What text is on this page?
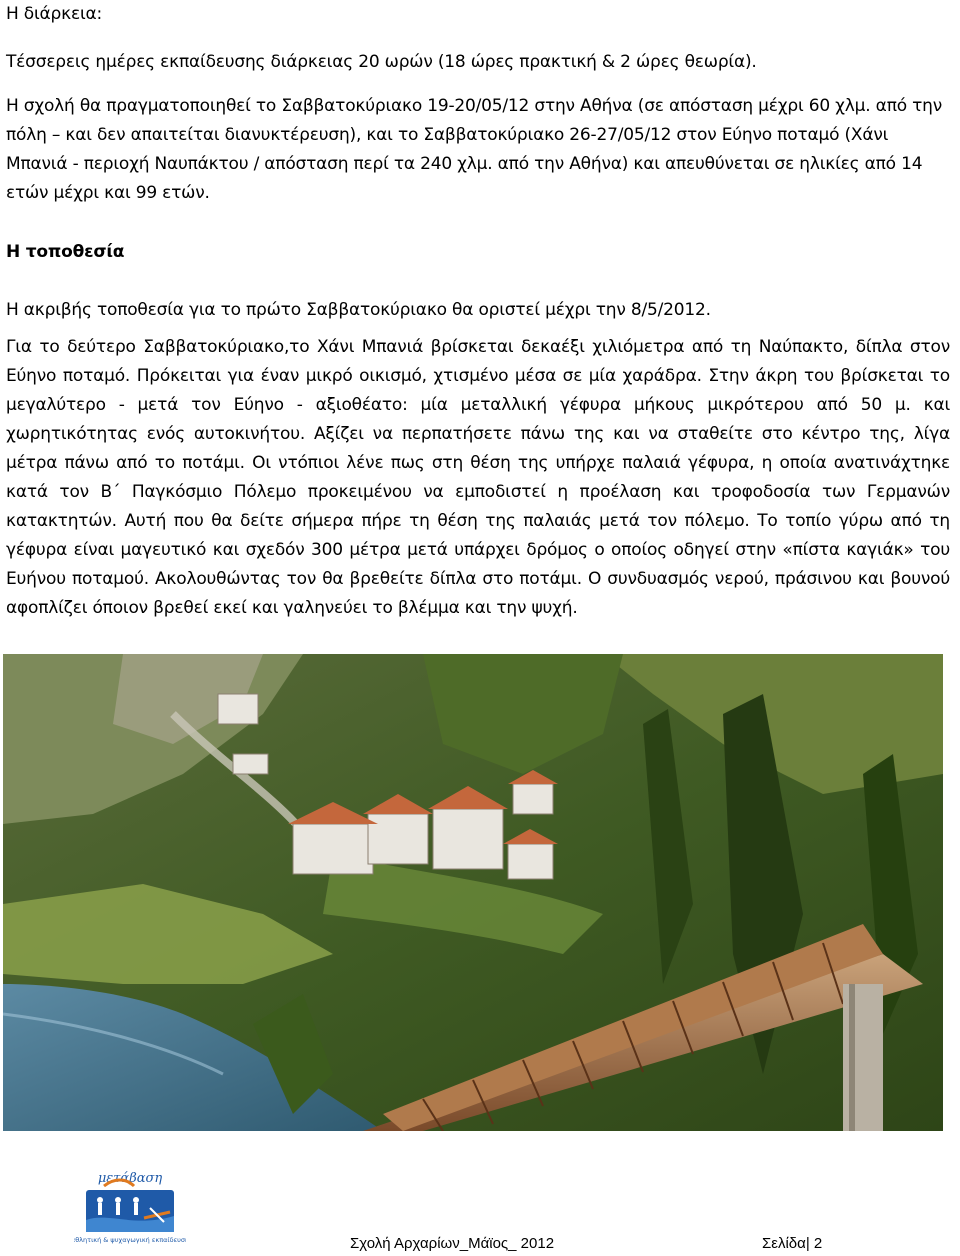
Η διάρκεια:
Τέσσερεις ημέρες εκπαίδευσης διάρκειας 20 ωρών (18 ώρες πρακτική & 2 ώρες θεωρία).
Η σχολή θα πραγματοποιηθεί το Σαββατοκύριακο 19-20/05/12 στην Αθήνα (σε απόσταση μέχρι 60 χλμ. από την πόλη – και δεν απαιτείται διανυκτέρευση), και το Σαββατοκύριακο 26-27/05/12 στον Εύηνο ποταμό (Χάνι Μπανιά - περιοχή Ναυπάκτου / απόσταση περί τα 240 χλμ. από την Αθήνα) και απευθύνεται σε ηλικίες από 14 ετών μέχρι και 99 ετών.
Η τοποθεσία
Η ακριβής τοποθεσία για το πρώτο Σαββατοκύριακο θα οριστεί μέχρι την 8/5/2012.
Για το δεύτερο Σαββατοκύριακο,το Χάνι Μπανιά βρίσκεται δεκαέξι χιλιόμετρα από τη Ναύπακτο, δίπλα στον Εύηνο ποταμό. Πρόκειται για έναν μικρό οικισμό, χτισμένο μέσα σε μία χαράδρα. Στην άκρη του βρίσκεται το μεγαλύτερο - μετά τον Εύηνο - αξιοθέατο: μία μεταλλική γέφυρα μήκους μικρότερου από 50 μ. και χωρητικότητας ενός αυτοκινήτου. Αξίζει να περπατήσετε πάνω της και να σταθείτε στο κέντρο της, λίγα μέτρα πάνω από το ποτάμι. Οι ντόπιοι λένε πως στη θέση της υπήρχε παλαιά γέφυρα, η οποία ανατινάχτηκε κατά τον Β΄ Παγκόσμιο Πόλεμο προκειμένου να εμποδιστεί η προέλαση και τροφοδοσία των Γερμανών κατακτητών. Αυτή που θα δείτε σήμερα πήρε τη θέση της παλαιάς μετά τον πόλεμο. Το τοπίο γύρω από τη γέφυρα είναι μαγευτικό και σχεδόν 300 μέτρα μετά υπάρχει δρόμος ο οποίος οδηγεί στην «πίστα καγιάκ» του Ευήνου ποταμού. Ακολουθώντας τον θα βρεθείτε δίπλα στο ποτάμι. Ο συνδυασμός νερού, πράσινου και βουνού αφοπλίζει όποιον βρεθεί εκεί και γαληνεύει το βλέμμα και την ψυχή.
μετάβαση
αθλητική & ψυχαγωγική εκπαίδευση	Σχολή Αρχαρίων_Μάϊος_ 2012	Σελίδα| 2
